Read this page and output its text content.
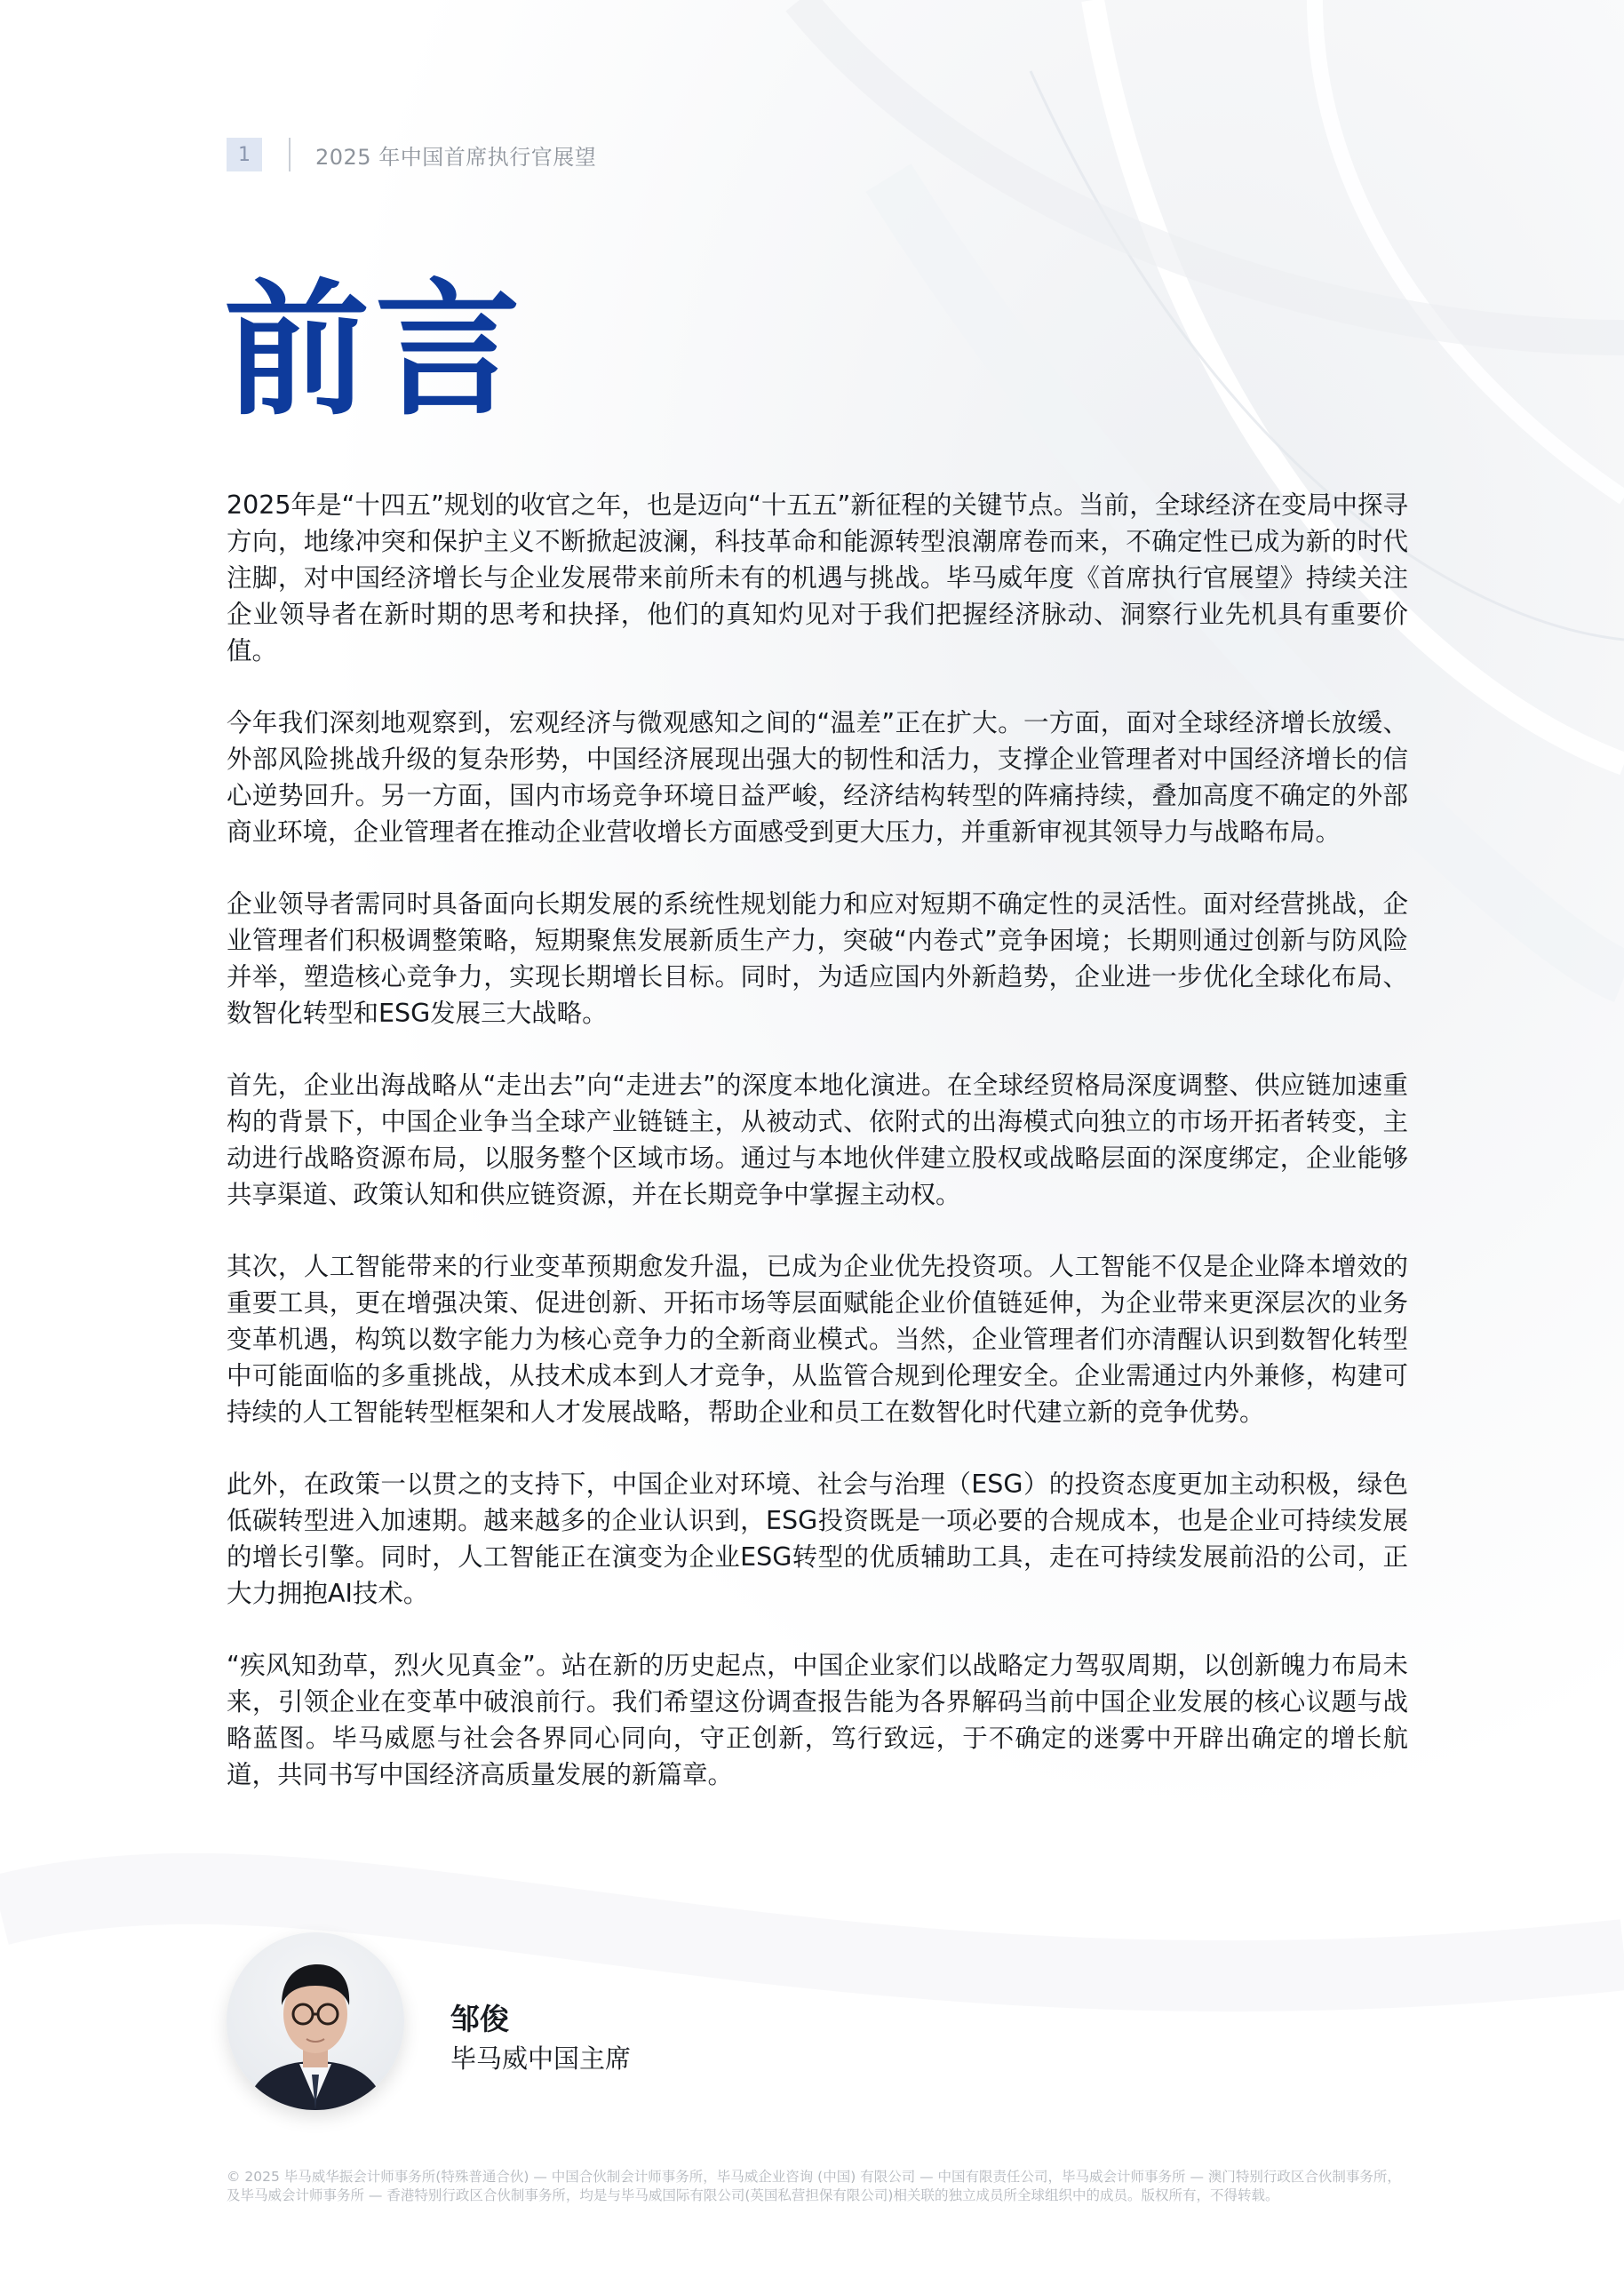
1	2025 年中国首席执行官展望
前言

2025年是“十四五”规划的收官之年，也是迈向“十五五”新征程的关键节点。当前，全球经济在变局中探寻方向，地缘冲突和保护主义不断掀起波澜，科技革命和能源转型浪潮席卷而来，不确定性已成为新的时代注脚，对中国经济增长与企业发展带来前所未有的机遇与挑战。毕马威年度《首席执行官展望》持续关注企业领导者在新时期的思考和抉择，他们的真知灼见对于我们把握经济脉动、洞察行业先机具有重要价值。

今年我们深刻地观察到，宏观经济与微观感知之间的“温差”正在扩大。一方面，面对全球经济增长放缓、外部风险挑战升级的复杂形势，中国经济展现出强大的韧性和活力，支撑企业管理者对中国经济增长的信心逆势回升。另一方面，国内市场竞争环境日益严峻，经济结构转型的阵痛持续，叠加高度不确定的外部商业环境，企业管理者在推动企业营收增长方面感受到更大压力，并重新审视其领导力与战略布局。

企业领导者需同时具备面向长期发展的系统性规划能力和应对短期不确定性的灵活性。面对经营挑战，企业管理者们积极调整策略，短期聚焦发展新质生产力，突破“内卷式”竞争困境；长期则通过创新与防风险并举，塑造核心竞争力，实现长期增长目标。同时，为适应国内外新趋势，企业进一步优化全球化布局、数智化转型和ESG发展三大战略。

首先，企业出海战略从“走出去”向“走进去”的深度本地化演进。在全球经贸格局深度调整、供应链加速重构的背景下，中国企业争当全球产业链链主，从被动式、依附式的出海模式向独立的市场开拓者转变，主动进行战略资源布局，以服务整个区域市场。通过与本地伙伴建立股权或战略层面的深度绑定，企业能够共享渠道、政策认知和供应链资源，并在长期竞争中掌握主动权。

其次，人工智能带来的行业变革预期愈发升温，已成为企业优先投资项。人工智能不仅是企业降本增效的重要工具，更在增强决策、促进创新、开拓市场等层面赋能企业价值链延伸，为企业带来更深层次的业务变革机遇，构筑以数字能力为核心竞争力的全新商业模式。当然，企业管理者们亦清醒认识到数智化转型中可能面临的多重挑战，从技术成本到人才竞争，从监管合规到伦理安全。企业需通过内外兼修，构建可持续的人工智能转型框架和人才发展战略，帮助企业和员工在数智化时代建立新的竞争优势。

此外，在政策一以贯之的支持下，中国企业对环境、社会与治理（ESG）的投资态度更加主动积极，绿色低碳转型进入加速期。越来越多的企业认识到，ESG投资既是一项必要的合规成本，也是企业可持续发展的增长引擎。同时，人工智能正在演变为企业ESG转型的优质辅助工具，走在可持续发展前沿的公司，正大力拥抱AI技术。

“疾风知劲草，烈火见真金”。站在新的历史起点，中国企业家们以战略定力驾驭周期，以创新魄力布局未来，引领企业在变革中破浪前行。我们希望这份调查报告能为各界解码当前中国企业发展的核心议题与战略蓝图。毕马威愿与社会各界同心同向，守正创新，笃行致远，于不确定的迷雾中开辟出确定的增长航道，共同书写中国经济高质量发展的新篇章。

邹俊
毕马威中国主席
© 2025 毕马威华振会计师事务所(特殊普通合伙) — 中国合伙制会计师事务所，毕马威企业咨询 (中国) 有限公司 — 中国有限责任公司，毕马威会计师事务所 — 澳门特别行政区合伙制事务所，及毕马威会计师事务所 — 香港特别行政区合伙制事务所，均是与毕马威国际有限公司(英国私营担保有限公司)相关联的独立成员所全球组织中的成员。版权所有，不得转载。
